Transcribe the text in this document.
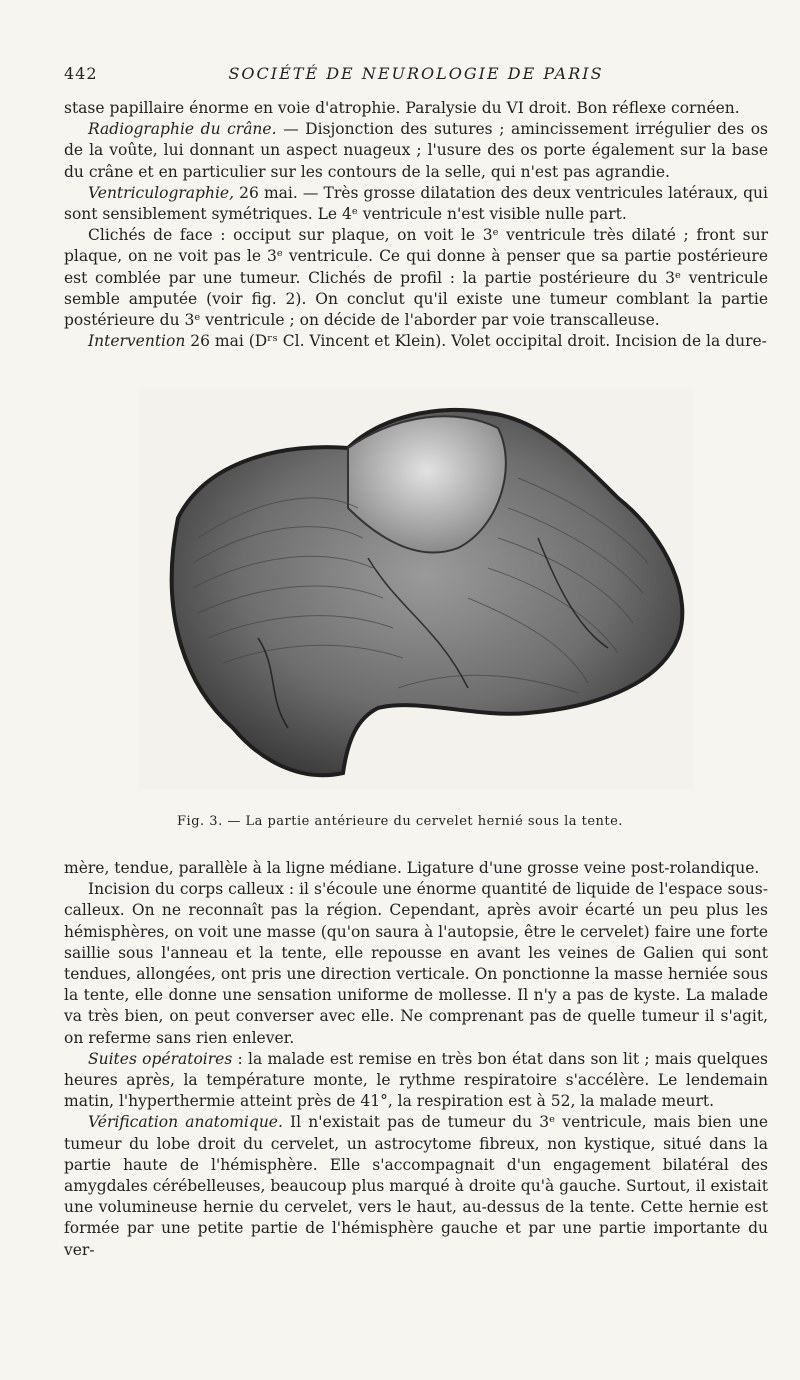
442	SOCIÉTÉ DE NEUROLOGIE DE PARIS

stase papillaire énorme en voie d'atrophie. Paralysie du VI droit. Bon réflexe cornéen.

Radiographie du crâne. — Disjonction des sutures ; amincissement irrégulier des os de la voûte, lui donnant un aspect nuageux ; l'usure des os porte également sur la base du crâne et en particulier sur les contours de la selle, qui n'est pas agrandie.

Ventriculographie, 26 mai. — Très grosse dilatation des deux ventricules latéraux, qui sont sensiblement symétriques. Le 4ᵉ ventricule n'est visible nulle part.

Clichés de face : occiput sur plaque, on voit le 3ᵉ ventricule très dilaté ; front sur plaque, on ne voit pas le 3ᵉ ventricule. Ce qui donne à penser que sa partie postérieure est comblée par une tumeur. Clichés de profil : la partie postérieure du 3ᵉ ventricule semble amputée (voir fig. 2). On conclut qu'il existe une tumeur comblant la partie postérieure du 3ᵉ ventricule ; on décide de l'aborder par voie transcalleuse.

Intervention 26 mai (Dʳˢ Cl. Vincent et Klein). Volet occipital droit. Incision de la dure-

Fig. 3. — La partie antérieure du cervelet hernié sous la tente.

mère, tendue, parallèle à la ligne médiane. Ligature d'une grosse veine post-rolandique.

Incision du corps calleux : il s'écoule une énorme quantité de liquide de l'espace sous-calleux. On ne reconnaît pas la région. Cependant, après avoir écarté un peu plus les hémisphères, on voit une masse (qu'on saura à l'autopsie, être le cervelet) faire une forte saillie sous l'anneau et la tente, elle repousse en avant les veines de Galien qui sont tendues, allongées, ont pris une direction verticale. On ponctionne la masse herniée sous la tente, elle donne une sensation uniforme de mollesse. Il n'y a pas de kyste. La malade va très bien, on peut converser avec elle. Ne comprenant pas de quelle tumeur il s'agit, on referme sans rien enlever.

Suites opératoires : la malade est remise en très bon état dans son lit ; mais quelques heures après, la température monte, le rythme respiratoire s'accélère. Le lendemain matin, l'hyperthermie atteint près de 41°, la respiration est à 52, la malade meurt.

Vérification anatomique. Il n'existait pas de tumeur du 3ᵉ ventricule, mais bien une tumeur du lobe droit du cervelet, un astrocytome fibreux, non kystique, situé dans la partie haute de l'hémisphère. Elle s'accompagnait d'un engagement bilatéral des amygdales cérébelleuses, beaucoup plus marqué à droite qu'à gauche. Surtout, il existait une volumineuse hernie du cervelet, vers le haut, au-dessus de la tente. Cette hernie est formée par une petite partie de l'hémisphère gauche et par une partie importante du ver-
